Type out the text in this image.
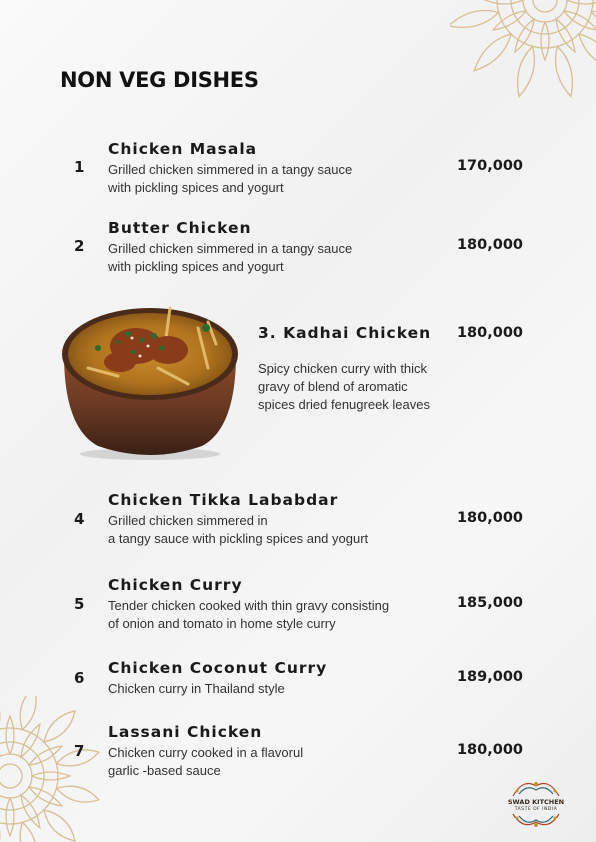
NON VEG DISHES
1
Chicken Masala
Grilled chicken simmered in a tangy sauce
with pickling spices and yogurt
170,000
2
Butter Chicken
Grilled chicken simmered in a tangy sauce
with pickling spices and yogurt
180,000
3. Kadhai Chicken 180,000
Spicy chicken curry with thick gravy of blend of aromatic spices dried fenugreek leaves
4
Chicken Tikka Lababdar
Grilled chicken simmered in
a tangy sauce with pickling spices and yogurt
180,000
5
Chicken Curry
Tender chicken cooked with thin gravy consisting
of onion and tomato in home style curry
185,000
6
Chicken Coconut Curry
Chicken curry in Thailand style
189,000
7
Lassani Chicken
Chicken curry cooked in a flavorul
garlic -based sauce
180,000
SWAD KITCHEN
TASTE OF INDIA
